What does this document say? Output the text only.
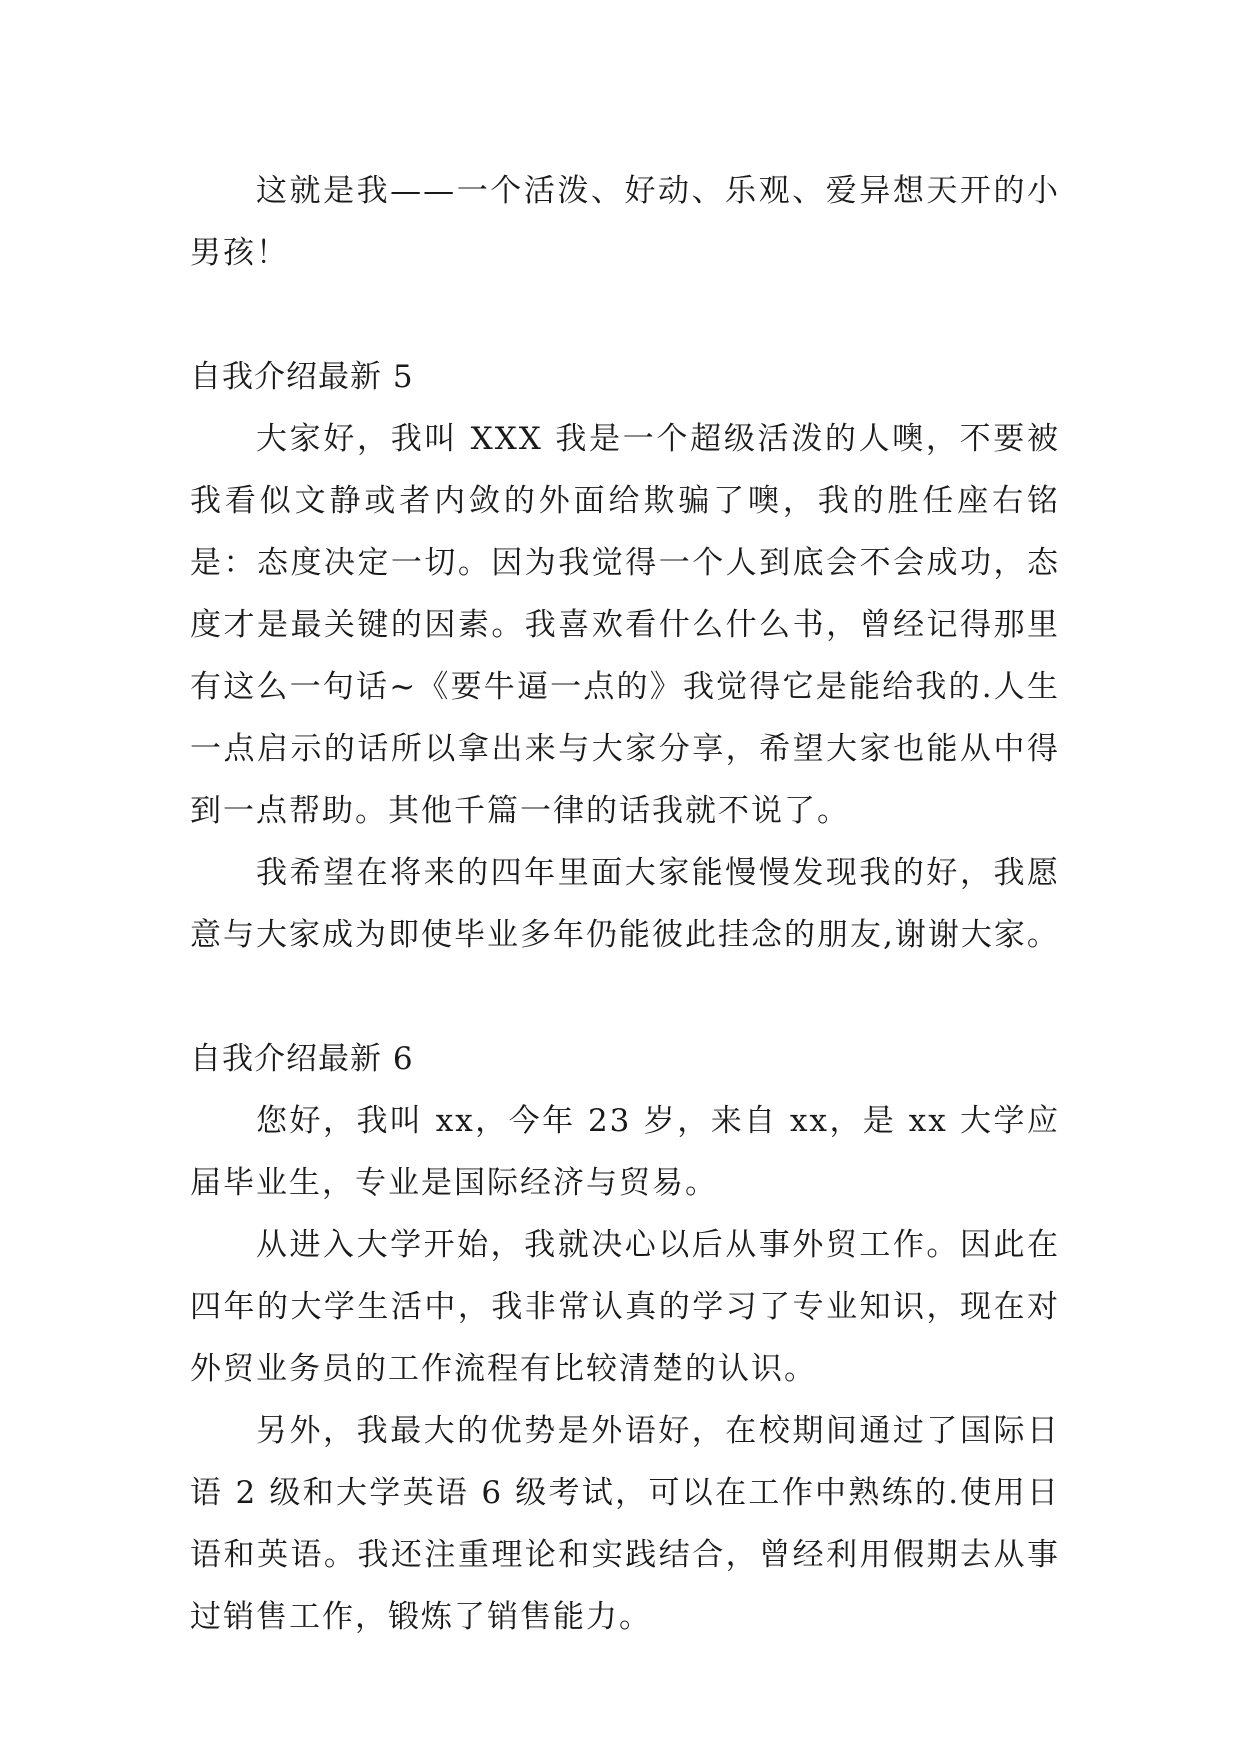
这就是我——一个活泼、好动、乐观、爱异想天开的小男孩！

自我介绍最新 5

大家好，我叫 XXX 我是一个超级活泼的人噢，不要被我看似文静或者内敛的外面给欺骗了噢，我的胜任座右铭是：态度决定一切。因为我觉得一个人到底会不会成功，态度才是最关键的因素。我喜欢看什么什么书，曾经记得那里有这么一句话~《要牛逼一点的》我觉得它是能给我的.人生一点启示的话所以拿出来与大家分享，希望大家也能从中得到一点帮助。其他千篇一律的话我就不说了。

我希望在将来的四年里面大家能慢慢发现我的好，我愿意与大家成为即使毕业多年仍能彼此挂念的朋友,谢谢大家。

自我介绍最新 6

您好，我叫 xx，今年 23 岁，来自 xx，是 xx 大学应届毕业生，专业是国际经济与贸易。

从进入大学开始，我就决心以后从事外贸工作。因此在四年的大学生活中，我非常认真的学习了专业知识，现在对外贸业务员的工作流程有比较清楚的认识。

另外，我最大的优势是外语好，在校期间通过了国际日语 2 级和大学英语 6 级考试，可以在工作中熟练的.使用日语和英语。我还注重理论和实践结合，曾经利用假期去从事过销售工作，锻炼了销售能力。
